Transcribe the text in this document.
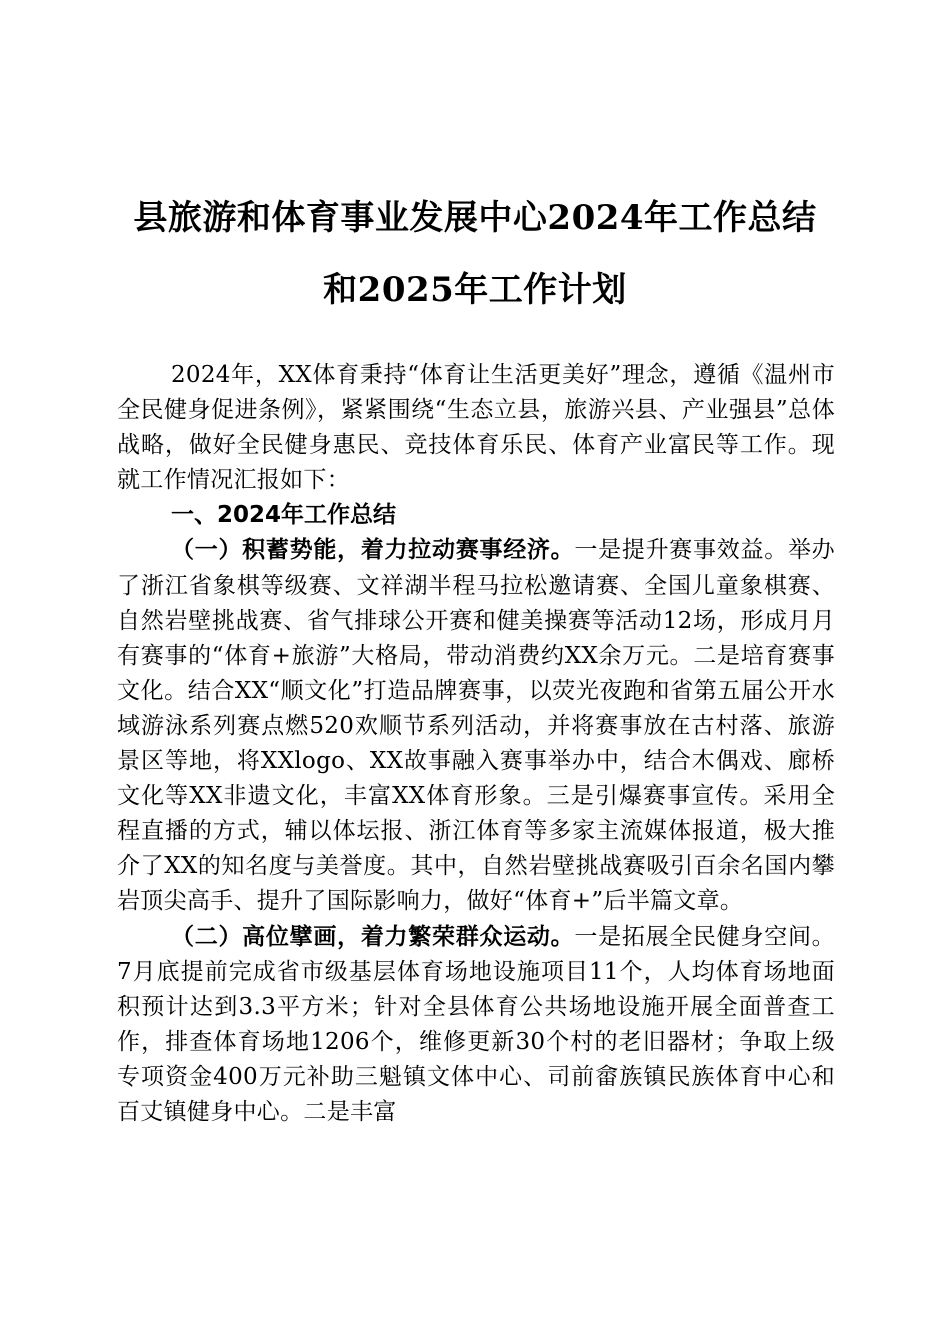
县旅游和体育事业发展中心2024年工作总结
和2025年工作计划

2024年，XX体育秉持“体育让生活更美好”理念，遵循《温州市全民健身促进条例》，紧紧围绕“生态立县，旅游兴县、产业强县”总体战略，做好全民健身惠民、竞技体育乐民、体育产业富民等工作。现就工作情况汇报如下：

一、2024年工作总结

（一）积蓄势能，着力拉动赛事经济。一是提升赛事效益。举办了浙江省象棋等级赛、文祥湖半程马拉松邀请赛、全国儿童象棋赛、自然岩壁挑战赛、省气排球公开赛和健美操赛等活动12场，形成月月有赛事的“体育+旅游”大格局，带动消费约XX余万元。二是培育赛事文化。结合XX“顺文化”打造品牌赛事，以荧光夜跑和省第五届公开水域游泳系列赛点燃520欢顺节系列活动，并将赛事放在古村落、旅游景区等地，将XXlogo、XX故事融入赛事举办中，结合木偶戏、廊桥文化等XX非遗文化，丰富XX体育形象。三是引爆赛事宣传。采用全程直播的方式，辅以体坛报、浙江体育等多家主流媒体报道，极大推介了XX的知名度与美誉度。其中，自然岩壁挑战赛吸引百余名国内攀岩顶尖高手、提升了国际影响力，做好“体育+”后半篇文章。

（二）高位擘画，着力繁荣群众运动。一是拓展全民健身空间。7月底提前完成省市级基层体育场地设施项目11个，人均体育场地面积预计达到3.3平方米；针对全县体育公共场地设施开展全面普查工作，排查体育场地1206个，维修更新30个村的老旧器材；争取上级专项资金400万元补助三魁镇文体中心、司前畲族镇民族体育中心和百丈镇健身中心。二是丰富
